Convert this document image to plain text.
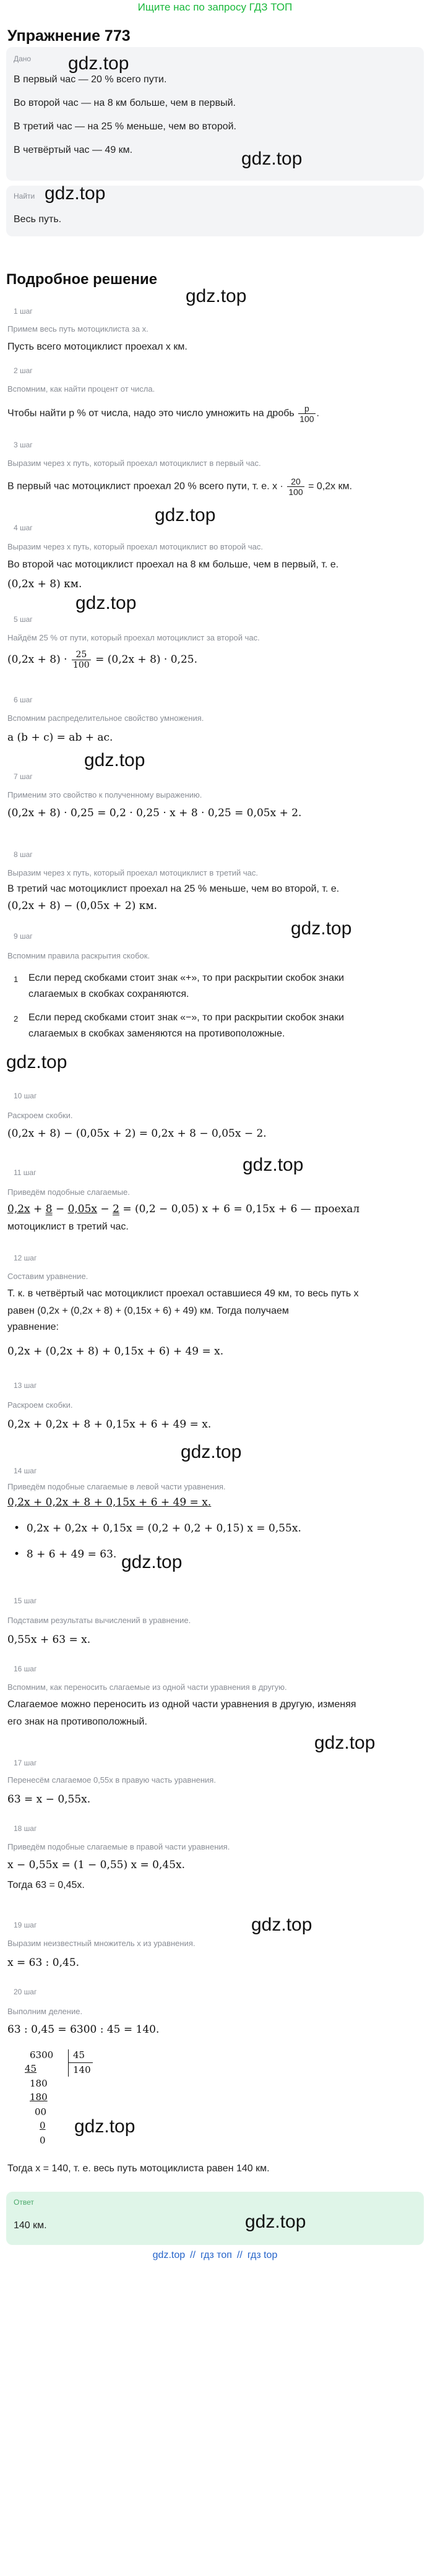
Ищите нас по запросу ГДЗ ТОП
Упражнение 773
Дано
В первый час — 20 % всего пути.
Во второй час — на 8 км больше, чем в первый.
В третий час — на 25 % меньше, чем во второй.
В четвёртый час — 49 км.
gdz.top
gdz.top
Найти
Весь путь.
gdz.top
Подробное решение
gdz.top
1 шаг
Примем весь путь мотоциклиста за x.
Пусть всего мотоциклист проехал x км.
2 шаг
Вспомним, как найти процент от числа.
Чтобы найти p % от числа, надо это число умножить на дробь $\frac{p}{100}$ .
3 шаг
Выразим через x путь, который проехал мотоциклист в первый час.
В первый час мотоциклист проехал 20 % всего пути, т. е. $x \cdot \frac{20}{100} = 0,2x$ км.
gdz.top
4 шаг
Выразим через x путь, который проехал мотоциклист во второй час.
Во второй час мотоциклист проехал на 8 км больше, чем в первый, т. е.
(0,2x + 8) км.
gdz.top
5 шаг
Найдём 25 % от пути, который проехал мотоциклист за второй час.
$(0,2x + 8) \cdot \frac{25}{100} = (0,2x + 8) \cdot 0,25$.
6 шаг
Вспомним распределительное свойство умножения.
a (b + c) = ab + ac.
gdz.top
7 шаг
Применим это свойство к полученному выражению.
(0,2x + 8) · 0,25 = 0,2 · 0,25 · x + 8 · 0,25 = 0,05x + 2.
8 шаг
Выразим через x путь, который проехал мотоциклист в третий час.
В третий час мотоциклист проехал на 25 % меньше, чем во второй, т. е.
(0,2x + 8) − (0,05x + 2) км.
gdz.top
9 шаг
Вспомним правила раскрытия скобок.
1 Если перед скобками стоит знак «+», то при раскрытии скобок знаки
слагаемых в скобках сохраняются.
2 Если перед скобками стоит знак «−», то при раскрытии скобок знаки
слагаемых в скобках заменяются на противоположные.
gdz.top
10 шаг
Раскроем скобки.
(0,2x + 8) − (0,05x + 2) = 0,2x + 8 − 0,05x − 2.
gdz.top
11 шаг
Приведём подобные слагаемые.
0,2x + 8 − 0,05x − 2 = (0,2 − 0,05) x + 6 = 0,15x + 6 — проехал
мотоциклист в третий час.
12 шаг
Составим уравнение.
Т. к. в четвёртый час мотоциклист проехал оставшиеся 49 км, то весь путь x
равен (0,2x + (0,2x + 8) + (0,15x + 6) + 49) км. Тогда получаем
уравнение:
0,2x + (0,2x + 8) + 0,15x + 6) + 49 = x.
13 шаг
Раскроем скобки.
0,2x + 0,2x + 8 + 0,15x + 6 + 49 = x.
gdz.top
14 шаг
Приведём подобные слагаемые в левой части уравнения.
0,2x + 0,2x + 8 + 0,15x + 6 + 49 = x.
•  0,2x + 0,2x + 0,15x = (0,2 + 0,2 + 0,15) x = 0,55x.
•  8 + 6 + 49 = 63. gdz.top
15 шаг
Подставим результаты вычислений в уравнение.
0,55x + 63 = x.
16 шаг
Вспомним, как переносить слагаемые из одной части уравнения в другую.
Слагаемое можно переносить из одной части уравнения в другую, изменяя
его знак на противоположный.
gdz.top
17 шаг
Перенесём слагаемое 0,55x в правую часть уравнения.
63 = x − 0,55x.
18 шаг
Приведём подобные слагаемые в правой части уравнения.
x − 0,55x = (1 − 0,55) x = 0,45x.
Тогда 63 = 0,45x.
gdz.top
19 шаг
Выразим неизвестный множитель x из уравнения.
x = 63 : 0,45.
20 шаг
Выполним деление.
63 : 0,45 = 6300 : 45 = 140.
6300 45
140
45
180
180
00
0
0
gdz.top
Тогда x = 140, т. е. весь путь мотоциклиста равен 140 км.
Ответ
140 км.	gdz.top
gdz.top // гдз топ // гдз top
